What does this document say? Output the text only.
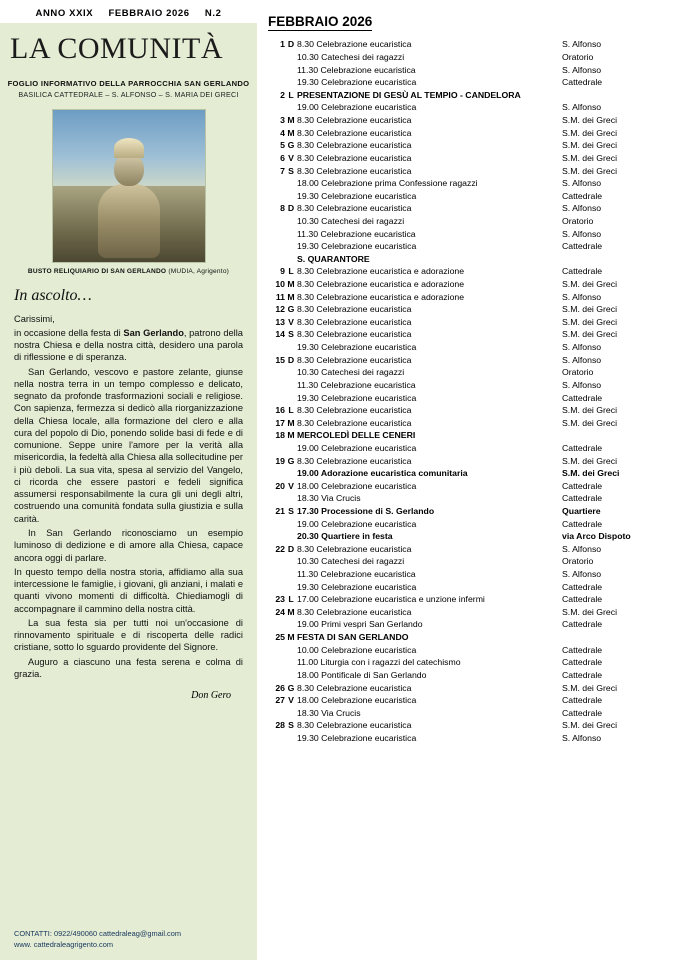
ANNO XXIX FEBBRAIO 2026 N.2
LA COMUNITÀ
FOGLIO INFORMATIVO DELLA PARROCCHIA SAN GERLANDO
BASILICA CATTEDRALE – S. ALFONSO – S. MARIA DEI GRECI
BUSTO RELIQUIARIO DI SAN GERLANDO (MUDIA, Agrigento)
In ascolto…

Carissimi,

in occasione della festa di San Gerlando, patrono della nostra Chiesa e della nostra città, desidero una parola di riflessione e di speranza.

San Gerlando, vescovo e pastore zelante, giunse nella nostra terra in un tempo complesso e delicato, segnato da profonde trasformazioni sociali e religiose. Con sapienza, fermezza si dedicò alla riorganizzazione della Chiesa locale, alla formazione del clero e alla cura del popolo di Dio, ponendo solide basi di fede e di comunione. Seppe unire l'amore per la verità alla misericordia, la fedeltà alla Chiesa alla sollecitudine per i più deboli. La sua vita, spesa al servizio del Vangelo, ci ricorda che essere pastori e fedeli significa assumersi responsabilmente la cura gli uni degli altri, costruendo una comunità fondata sulla giustizia e sulla carità.

In San Gerlando riconosciamo un esempio luminoso di dedizione e di amore alla Chiesa, capace ancora oggi di parlare.

In questo tempo della nostra storia, affidiamo alla sua intercessione le famiglie, i giovani, gli anziani, i malati e quanti vivono momenti di difficoltà. Chiediamogli di accompagnare il cammino della nostra città.

La sua festa sia per tutti noi un'occasione di rinnovamento spirituale e di riscoperta delle radici cristiane, sotto lo sguardo providente del Signore.

Auguro a ciascuno una festa serena e colma di grazia.

Don Gero
CONTATTI: 0922/490060 cattedraleag@gmail.com
www. cattedraleagrigento.com
FEBBRAIO 2026
1	D	8.30 Celebrazione eucaristica	S. Alfonso
		10.30 Catechesi dei ragazzi	Oratorio
		11.30 Celebrazione eucaristica	S. Alfonso
		19.30 Celebrazione eucaristica	Cattedrale
2	L	PRESENTAZIONE DI GESÙ AL TEMPIO - CANDELORA	
		19.00 Celebrazione eucaristica	S. Alfonso
3	M	8.30 Celebrazione eucaristica	S.M. dei Greci
4	M	8.30 Celebrazione eucaristica	S.M. dei Greci
5	G	8.30 Celebrazione eucaristica	S.M. dei Greci
6	V	8.30 Celebrazione eucaristica	S.M. dei Greci
7	S	8.30 Celebrazione eucaristica	S.M. dei Greci
		18.00 Celebrazione prima Confessione ragazzi	S. Alfonso
		19.30 Celebrazione eucaristica	Cattedrale
8	D	8.30 Celebrazione eucaristica	S. Alfonso
		10.30 Catechesi dei ragazzi	Oratorio
		11.30 Celebrazione eucaristica	S. Alfonso
		19.30 Celebrazione eucaristica	Cattedrale
		S. QUARANTORE	
9	L	8.30 Celebrazione eucaristica e adorazione	Cattedrale
10	M	8.30 Celebrazione eucaristica e adorazione	S.M. dei Greci
11	M	8.30 Celebrazione eucaristica e adorazione	S. Alfonso
12	G	8.30 Celebrazione eucaristica	S.M. dei Greci
13	V	8.30 Celebrazione eucaristica	S.M. dei Greci
14	S	8.30 Celebrazione eucaristica	S.M. dei Greci
		19.30 Celebrazione eucaristica	S. Alfonso
15	D	8.30 Celebrazione eucaristica	S. Alfonso
		10.30 Catechesi dei ragazzi	Oratorio
		11.30 Celebrazione eucaristica	S. Alfonso
		19.30 Celebrazione eucaristica	Cattedrale
16	L	8.30 Celebrazione eucaristica	S.M. dei Greci
17	M	8.30 Celebrazione eucaristica	S.M. dei Greci
18	M	MERCOLEDÌ DELLE CENERI	
		19.00 Celebrazione eucaristica	Cattedrale
19	G	8.30 Celebrazione eucaristica	S.M. dei Greci
		19.00 Adorazione eucaristica comunitaria	S.M. dei Greci
20	V	18.00 Celebrazione eucaristica	Cattedrale
		18.30 Via Crucis	Cattedrale
21	S	17.30 Processione di S. Gerlando	Quartiere
		19.00 Celebrazione eucaristica	Cattedrale
		20.30 Quartiere in festa	via Arco Dispoto
22	D	8.30 Celebrazione eucaristica	S. Alfonso
		10.30 Catechesi dei ragazzi	Oratorio
		11.30 Celebrazione eucaristica	S. Alfonso
		19.30 Celebrazione eucaristica	Cattedrale
23	L	17.00 Celebrazione eucaristica e unzione infermi	Cattedrale
24	M	8.30 Celebrazione eucaristica	S.M. dei Greci
		19.00 Primi vespri San Gerlando	Cattedrale
25	M	FESTA DI SAN GERLANDO	
		10.00 Celebrazione eucaristica	Cattedrale
		11.00 Liturgia con i ragazzi del catechismo	Cattedrale
		18.00 Pontificale di San Gerlando	Cattedrale
26	G	8.30 Celebrazione eucaristica	S.M. dei Greci
27	V	18.00 Celebrazione eucaristica	Cattedrale
		18.30 Via Crucis	Cattedrale
28	S	8.30 Celebrazione eucaristica	S.M. dei Greci
		19.30 Celebrazione eucaristica	S. Alfonso
